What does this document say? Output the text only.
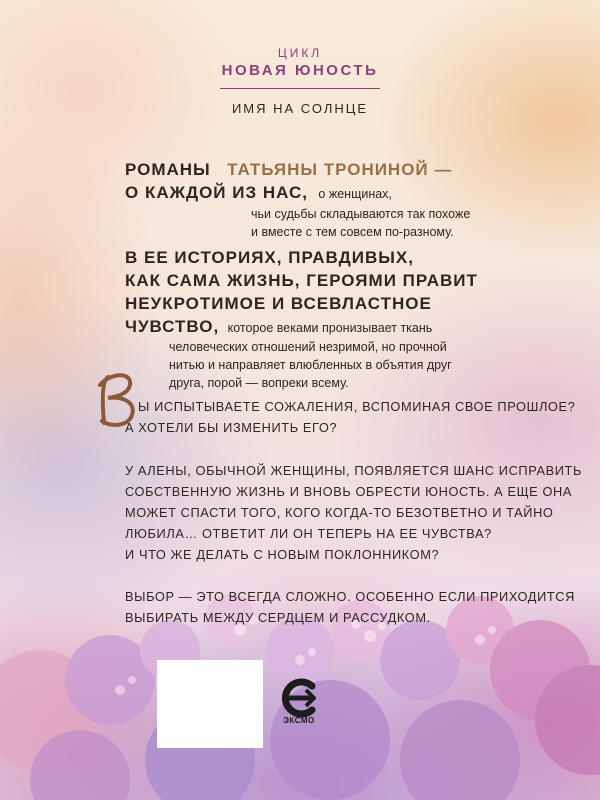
ЦИКЛ
НОВАЯ ЮНОСТЬ
ИМЯ НА СОЛНЦЕ
РОМАНЫ ТАТЬЯНЫ ТРОНИНОЙ —
О КАЖДОЙ ИЗ НАС, о женщинах,
чьи судьбы складываются так похоже
и вместе с тем совсем по-разному.
В ЕЕ ИСТОРИЯХ, ПРАВДИВЫХ,
КАК САМА ЖИЗНЬ, ГЕРОЯМИ ПРАВИТ
НЕУКРОТИМОЕ И ВСЕВЛАСТНОЕ
ЧУВСТВО, которое веками пронизывает ткань
человеческих отношений незримой, но прочной
нитью и направляет влюбленных в объятия друг
друга, порой — вопреки всему.
Ы ИСПЫТЫВАЕТЕ СОЖАЛЕНИЯ, ВСПОМИНАЯ СВОЕ ПРОШЛОЕ?
А ХОТЕЛИ БЫ ИЗМЕНИТЬ ЕГО?
У АЛЕНЫ, ОБЫЧНОЙ ЖЕНЩИНЫ, ПОЯВЛЯЕТСЯ ШАНС ИСПРАВИТЬ
СОБСТВЕННУЮ ЖИЗНЬ И ВНОВЬ ОБРЕСТИ ЮНОСТЬ. А ЕЩЕ ОНА
МОЖЕТ СПАСТИ ТОГО, КОГО КОГДА-ТО БЕЗОТВЕТНО И ТАЙНО
ЛЮБИЛА… ОТВЕТИТ ЛИ ОН ТЕПЕРЬ НА ЕЕ ЧУВСТВА?
И ЧТО ЖЕ ДЕЛАТЬ С НОВЫМ ПОКЛОННИКОМ?
ВЫБОР — ЭТО ВСЕГДА СЛОЖНО. ОСОБЕННО ЕСЛИ ПРИХОДИТСЯ
ВЫБИРАТЬ МЕЖДУ СЕРДЦЕМ И РАССУДКОМ.
ЭКСМО
